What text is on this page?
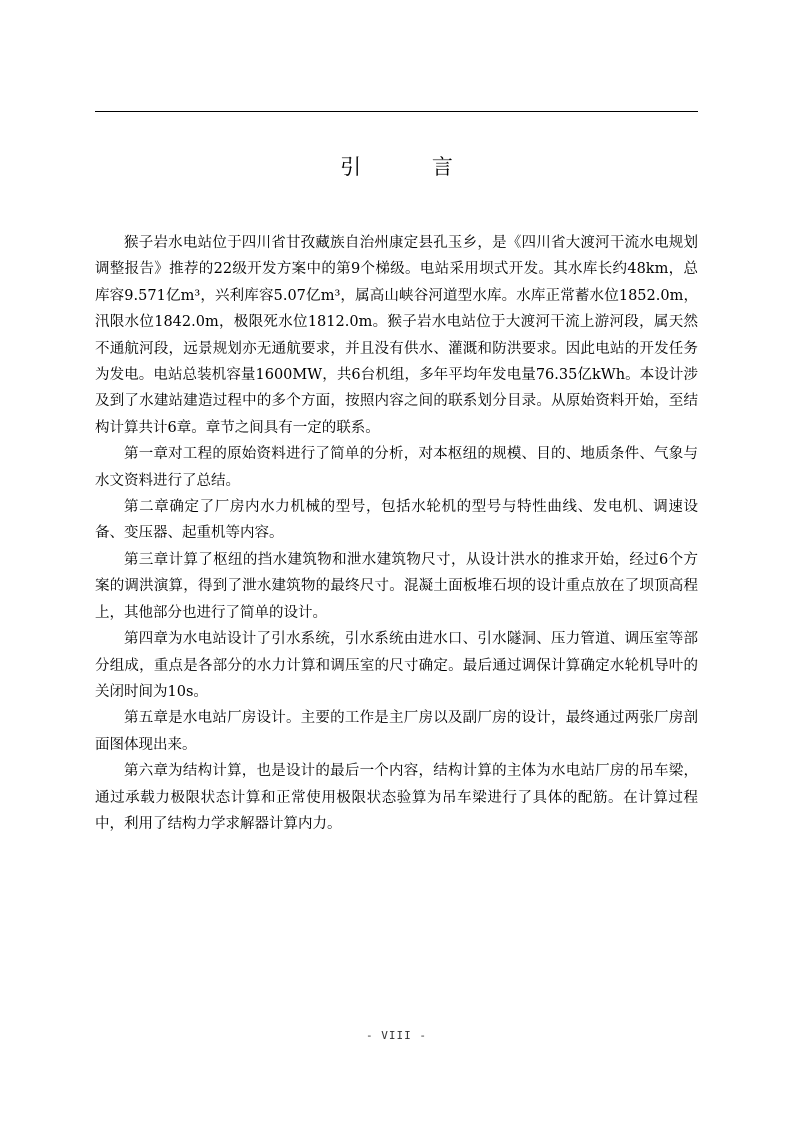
引 言

猴子岩水电站位于四川省甘孜藏族自治州康定县孔玉乡，是《四川省大渡河干流水电规划调整报告》推荐的22级开发方案中的第9个梯级。电站采用坝式开发。其水库长约48km，总库容9.571亿m³，兴利库容5.07亿m³，属高山峡谷河道型水库。水库正常蓄水位1852.0m，汛限水位1842.0m，极限死水位1812.0m。猴子岩水电站位于大渡河干流上游河段，属天然不通航河段，远景规划亦无通航要求，并且没有供水、灌溉和防洪要求。因此电站的开发任务为发电。电站总装机容量1600MW，共6台机组，多年平均年发电量76.35亿kWh。本设计涉及到了水建站建造过程中的多个方面，按照内容之间的联系划分目录。从原始资料开始，至结构计算共计6章。章节之间具有一定的联系。

第一章对工程的原始资料进行了简单的分析，对本枢纽的规模、目的、地质条件、气象与水文资料进行了总结。

第二章确定了厂房内水力机械的型号，包括水轮机的型号与特性曲线、发电机、调速设备、变压器、起重机等内容。

第三章计算了枢纽的挡水建筑物和泄水建筑物尺寸，从设计洪水的推求开始，经过6个方案的调洪演算，得到了泄水建筑物的最终尺寸。混凝土面板堆石坝的设计重点放在了坝顶高程上，其他部分也进行了简单的设计。

第四章为水电站设计了引水系统，引水系统由进水口、引水隧洞、压力管道、调压室等部分组成，重点是各部分的水力计算和调压室的尺寸确定。最后通过调保计算确定水轮机导叶的关闭时间为10s。

第五章是水电站厂房设计。主要的工作是主厂房以及副厂房的设计，最终通过两张厂房剖面图体现出来。

第六章为结构计算，也是设计的最后一个内容，结构计算的主体为水电站厂房的吊车梁，通过承载力极限状态计算和正常使用极限状态验算为吊车梁进行了具体的配筋。在计算过程中，利用了结构力学求解器计算内力。

- VIII -
